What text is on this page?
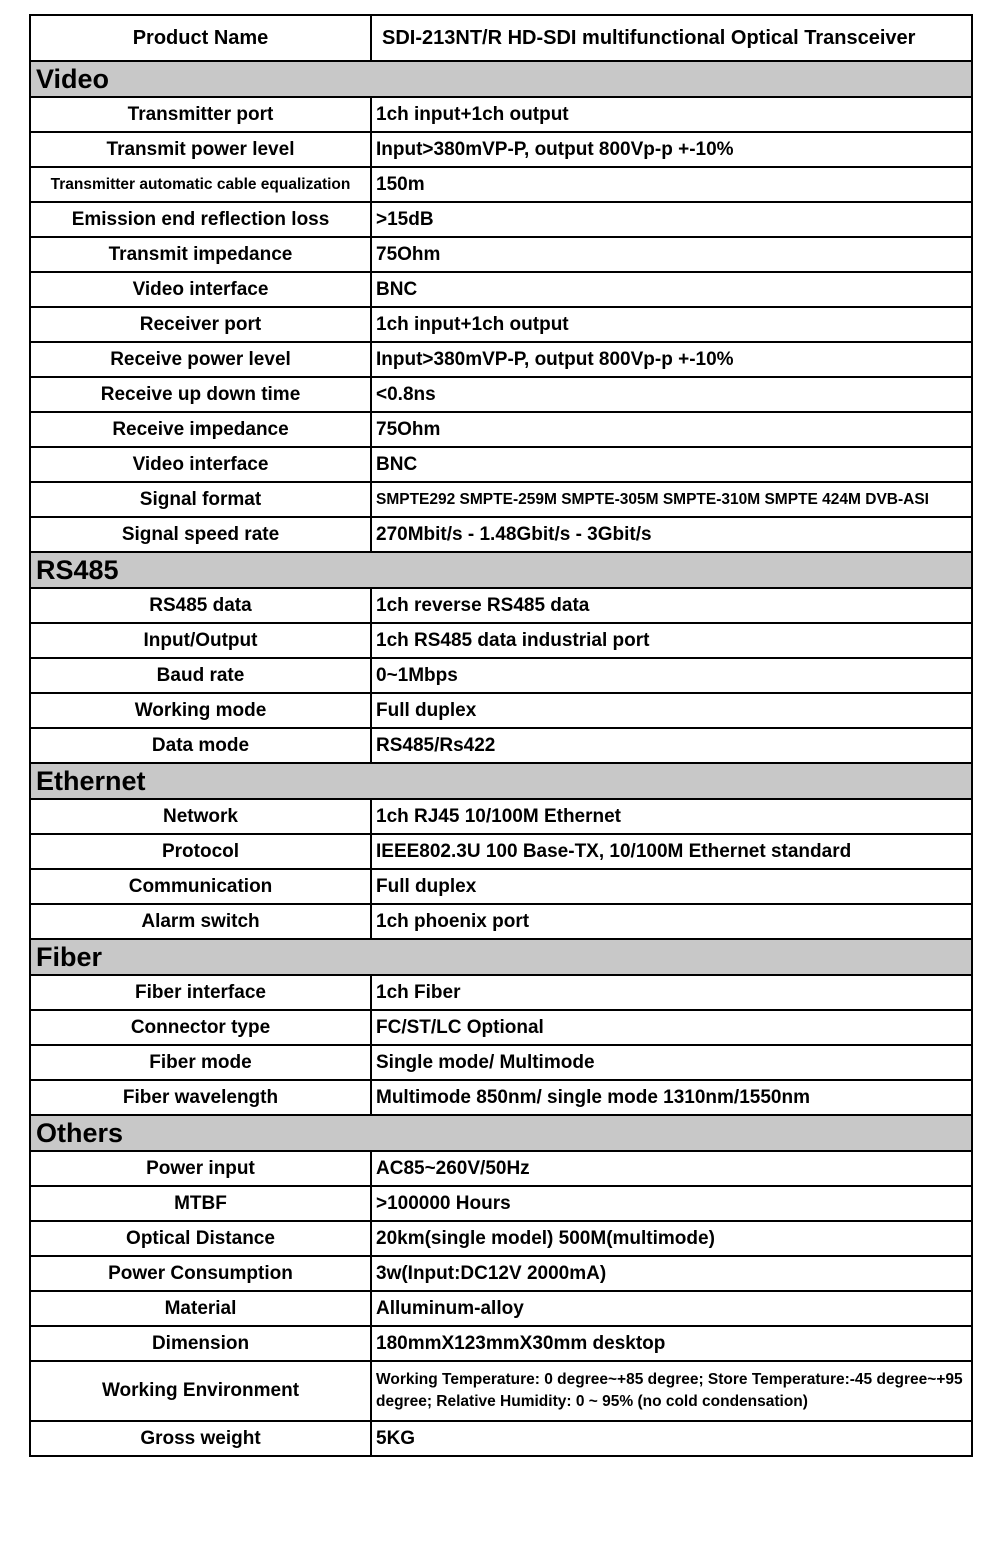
Product Name	SDI-213NT/R HD-SDI multifunctional Optical Transceiver
Video	
Transmitter port	1ch input+1ch output
Transmit power level	Input>380mVP-P, output 800Vp-p +-10%
Transmitter automatic cable equalization	150m
Emission end reflection loss	>15dB
Transmit impedance	75Ohm
Video interface	BNC
Receiver port	1ch input+1ch output
Receive power level	Input>380mVP-P, output 800Vp-p +-10%
Receive up down time	<0.8ns
Receive impedance	75Ohm
Video interface	BNC
Signal format	SMPTE292 SMPTE-259M SMPTE-305M SMPTE-310M SMPTE 424M DVB-ASI
Signal speed rate	270Mbit/s - 1.48Gbit/s - 3Gbit/s
RS485	
RS485 data	1ch reverse RS485 data
Input/Output	1ch RS485 data industrial port
Baud rate	0~1Mbps
Working mode	Full duplex
Data mode	RS485/Rs422
Ethernet	
Network	1ch RJ45 10/100M Ethernet
Protocol	IEEE802.3U 100 Base-TX, 10/100M Ethernet standard
Communication	Full duplex
Alarm switch	1ch phoenix port
Fiber	
Fiber interface	1ch Fiber
Connector type	FC/ST/LC Optional
Fiber mode	Single mode/ Multimode
Fiber wavelength	Multimode 850nm/ single mode 1310nm/1550nm
Others	
Power input	AC85~260V/50Hz
MTBF	>100000 Hours
Optical Distance	20km(single model) 500M(multimode)
Power Consumption	3w(Input:DC12V 2000mA)
Material	Alluminum-alloy
Dimension	180mmX123mmX30mm desktop
Working Environment	Working Temperature: 0 degree~+85 degree; Store Temperature:-45 degree~+95 degree; Relative Humidity: 0 ~ 95% (no cold condensation)
Gross weight	5KG
